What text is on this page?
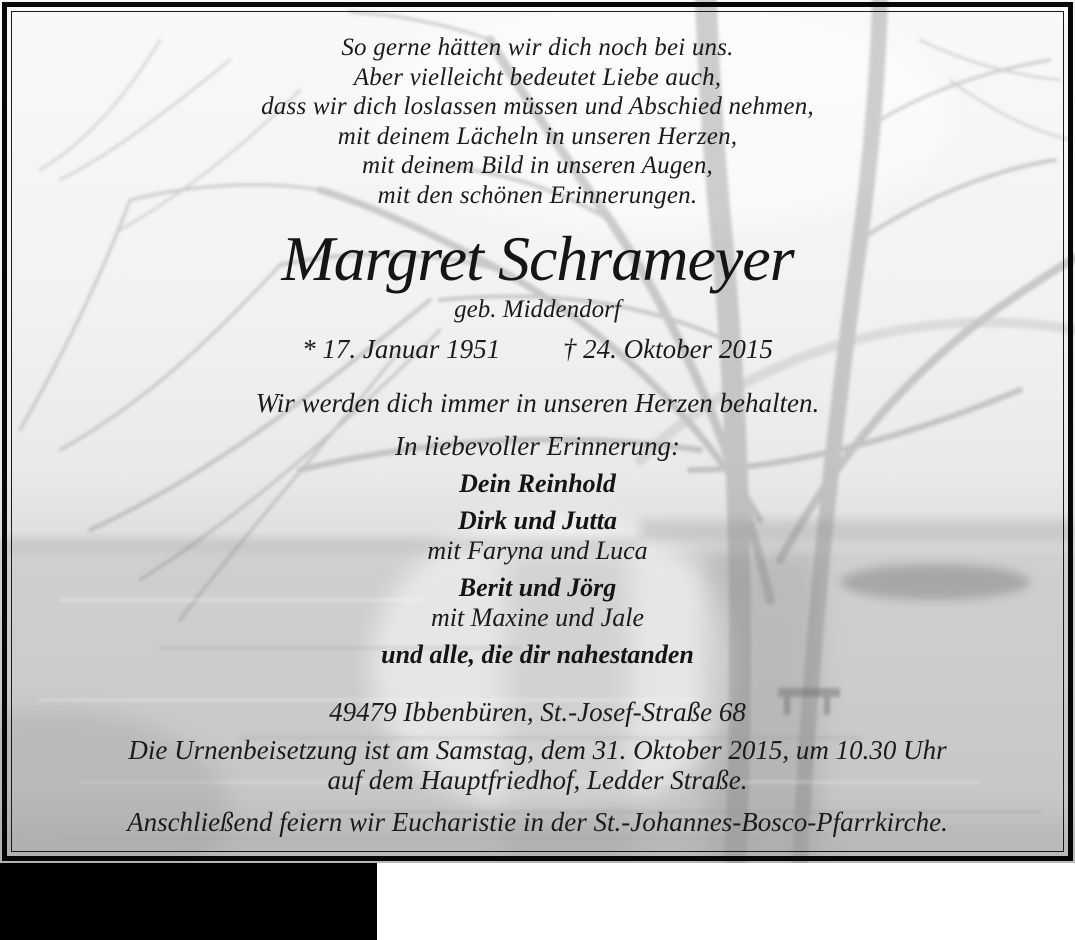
So gerne hätten wir dich noch bei uns.
Aber vielleicht bedeutet Liebe auch,
dass wir dich loslassen müssen und Abschied nehmen,
mit deinem Lächeln in unseren Herzen,
mit deinem Bild in unseren Augen,
mit den schönen Erinnerungen.
Margret Schrameyer
geb. Middendorf
* 17. Januar 1951 † 24. Oktober 2015
Wir werden dich immer in unseren Herzen behalten.
In liebevoller Erinnerung:
Dein Reinhold
Dirk und Jutta
mit Faryna und Luca
Berit und Jörg
mit Maxine und Jale
und alle, die dir nahestanden
49479 Ibbenbüren, St.-Josef-Straße 68
Die Urnenbeisetzung ist am Samstag, dem 31. Oktober 2015, um 10.30 Uhr
auf dem Hauptfriedhof, Ledder Straße.
Anschließend feiern wir Eucharistie in der St.-Johannes-Bosco-Pfarrkirche.
